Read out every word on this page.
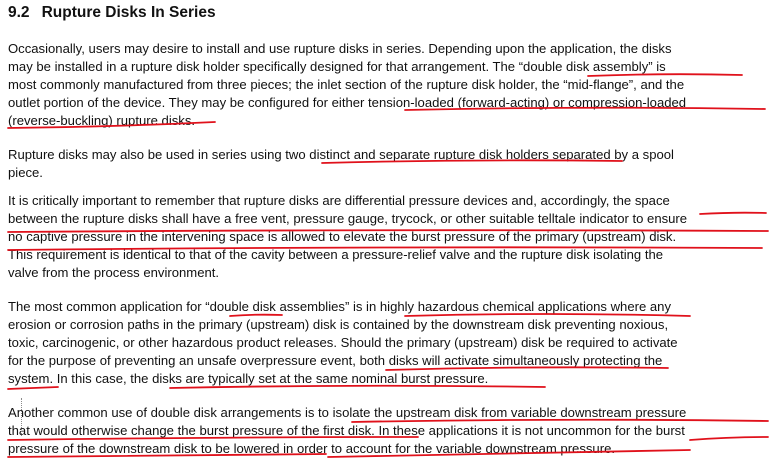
9.2 Rupture Disks In Series
Occasionally, users may desire to install and use rupture disks in series. Depending upon the application, the disks
may be installed in a rupture disk holder specifically designed for that arrangement. The “double disk assembly” is
most commonly manufactured from three pieces; the inlet section of the rupture disk holder, the “mid-flange”, and the
outlet portion of the device. They may be configured for either tension-loaded (forward-acting) or compression-loaded
(reverse-buckling) rupture disks.
Rupture disks may also be used in series using two distinct and separate rupture disk holders separated by a spool
piece.
It is critically important to remember that rupture disks are differential pressure devices and, accordingly, the space
between the rupture disks shall have a free vent, pressure gauge, trycock, or other suitable telltale indicator to ensure
no captive pressure in the intervening space is allowed to elevate the burst pressure of the primary (upstream) disk.
This requirement is identical to that of the cavity between a pressure-relief valve and the rupture disk isolating the
valve from the process environment.
The most common application for “double disk assemblies” is in highly hazardous chemical applications where any
erosion or corrosion paths in the primary (upstream) disk is contained by the downstream disk preventing noxious,
toxic, carcinogenic, or other hazardous product releases. Should the primary (upstream) disk be required to activate
for the purpose of preventing an unsafe overpressure event, both disks will activate simultaneously protecting the
system. In this case, the disks are typically set at the same nominal burst pressure.
Another common use of double disk arrangements is to isolate the upstream disk from variable downstream pressure
that would otherwise change the burst pressure of the first disk. In these applications it is not uncommon for the burst
pressure of the downstream disk to be lowered in order to account for the variable downstream pressure.
